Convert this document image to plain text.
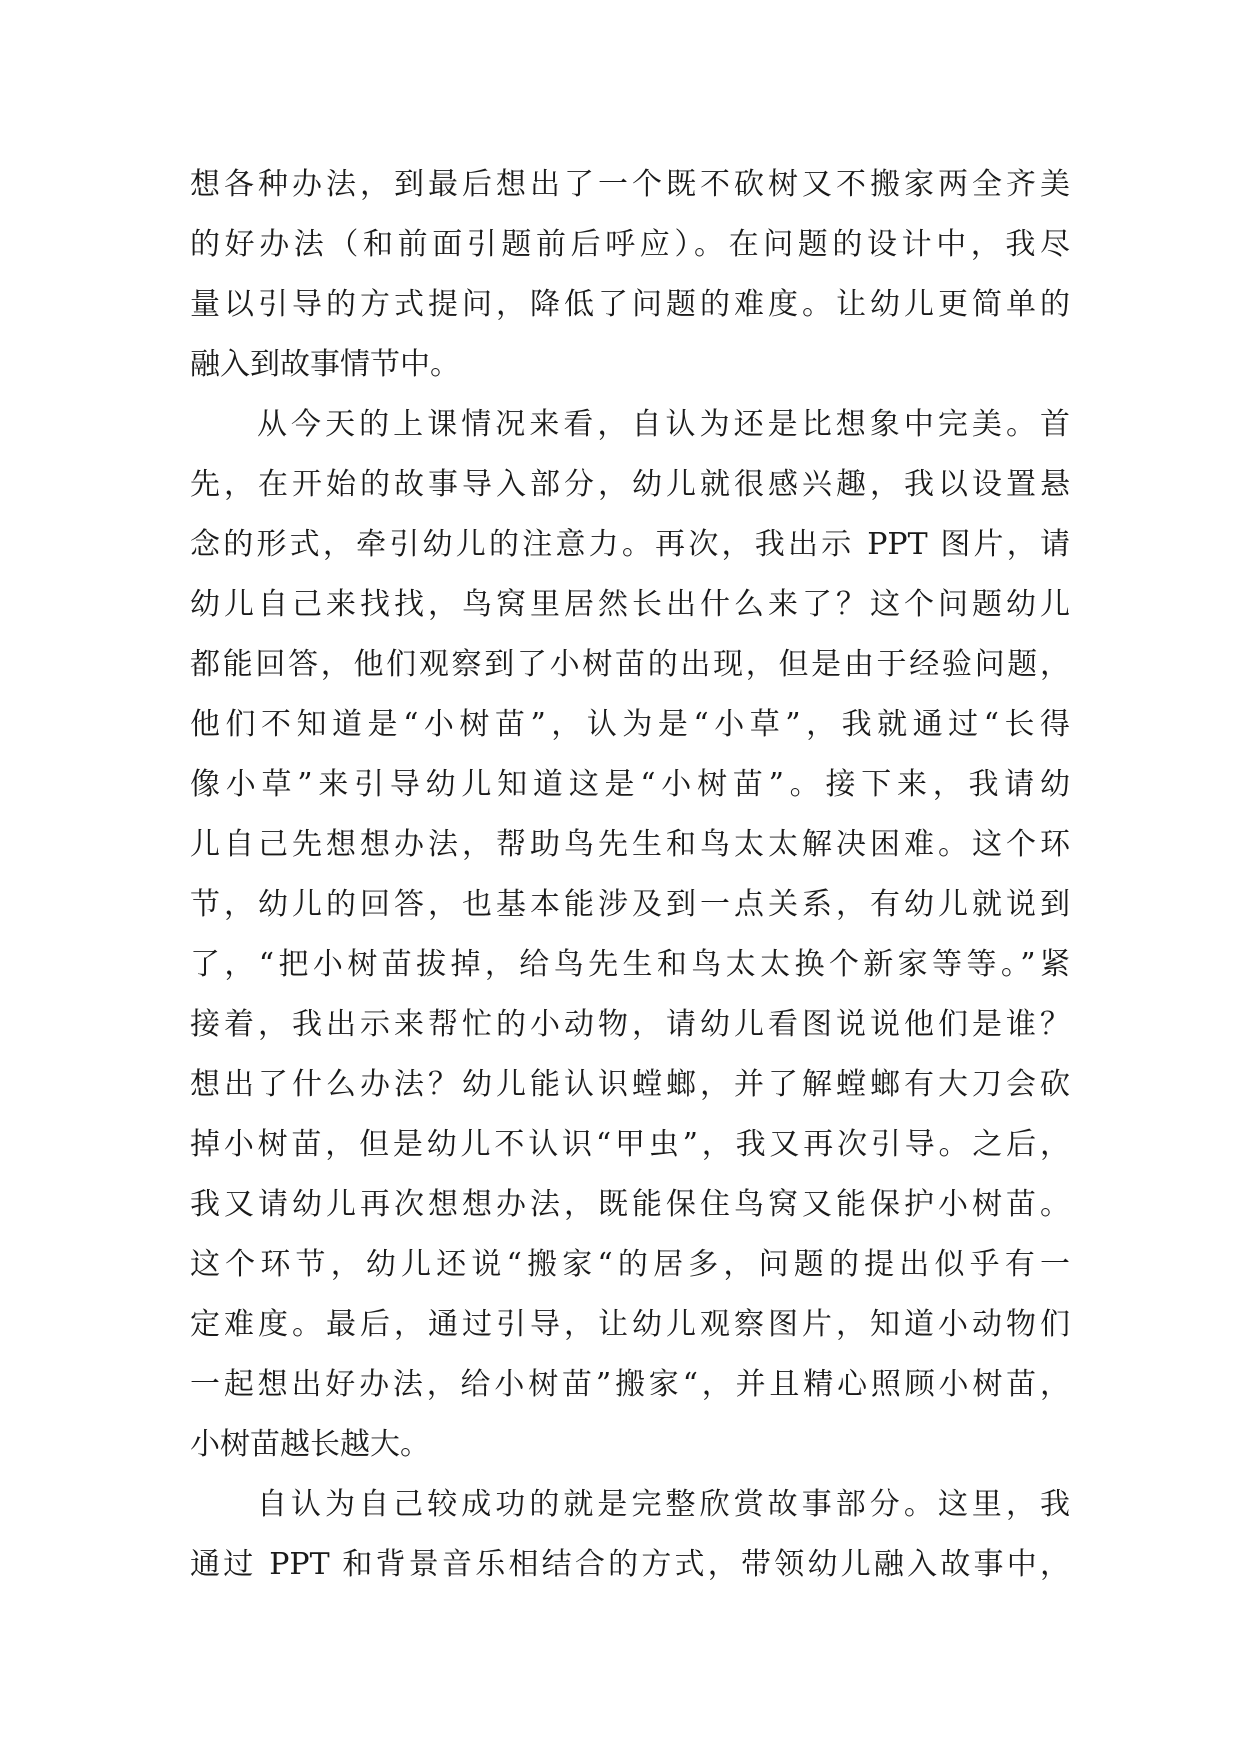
想各种办法，到最后想出了一个既不砍树又不搬家两全齐美
的好办法（和前面引题前后呼应）。在问题的设计中，我尽
量以引导的方式提问，降低了问题的难度。让幼儿更简单的
融入到故事情节中。
从今天的上课情况来看，自认为还是比想象中完美。首
先，在开始的故事导入部分，幼儿就很感兴趣，我以设置悬
念的形式，牵引幼儿的注意力。再次，我出示 PPT 图片，请
幼儿自己来找找，鸟窝里居然长出什么来了？这个问题幼儿
都能回答，他们观察到了小树苗的出现，但是由于经验问题，
他们不知道是“小树苗”，认为是“小草”，我就通过“长得
像小草”来引导幼儿知道这是“小树苗”。接下来，我请幼
儿自己先想想办法，帮助鸟先生和鸟太太解决困难。这个环
节，幼儿的回答，也基本能涉及到一点关系，有幼儿就说到
了，“把小树苗拔掉，给鸟先生和鸟太太换个新家等等。”紧
接着，我出示来帮忙的小动物，请幼儿看图说说他们是谁？
想出了什么办法？幼儿能认识螳螂，并了解螳螂有大刀会砍
掉小树苗，但是幼儿不认识“甲虫”，我又再次引导。之后，
我又请幼儿再次想想办法，既能保住鸟窝又能保护小树苗。
这个环节，幼儿还说“搬家“的居多，问题的提出似乎有一
定难度。最后，通过引导，让幼儿观察图片，知道小动物们
一起想出好办法，给小树苗”搬家“，并且精心照顾小树苗，
小树苗越长越大。
自认为自己较成功的就是完整欣赏故事部分。这里，我
通过 PPT 和背景音乐相结合的方式，带领幼儿融入故事中，
